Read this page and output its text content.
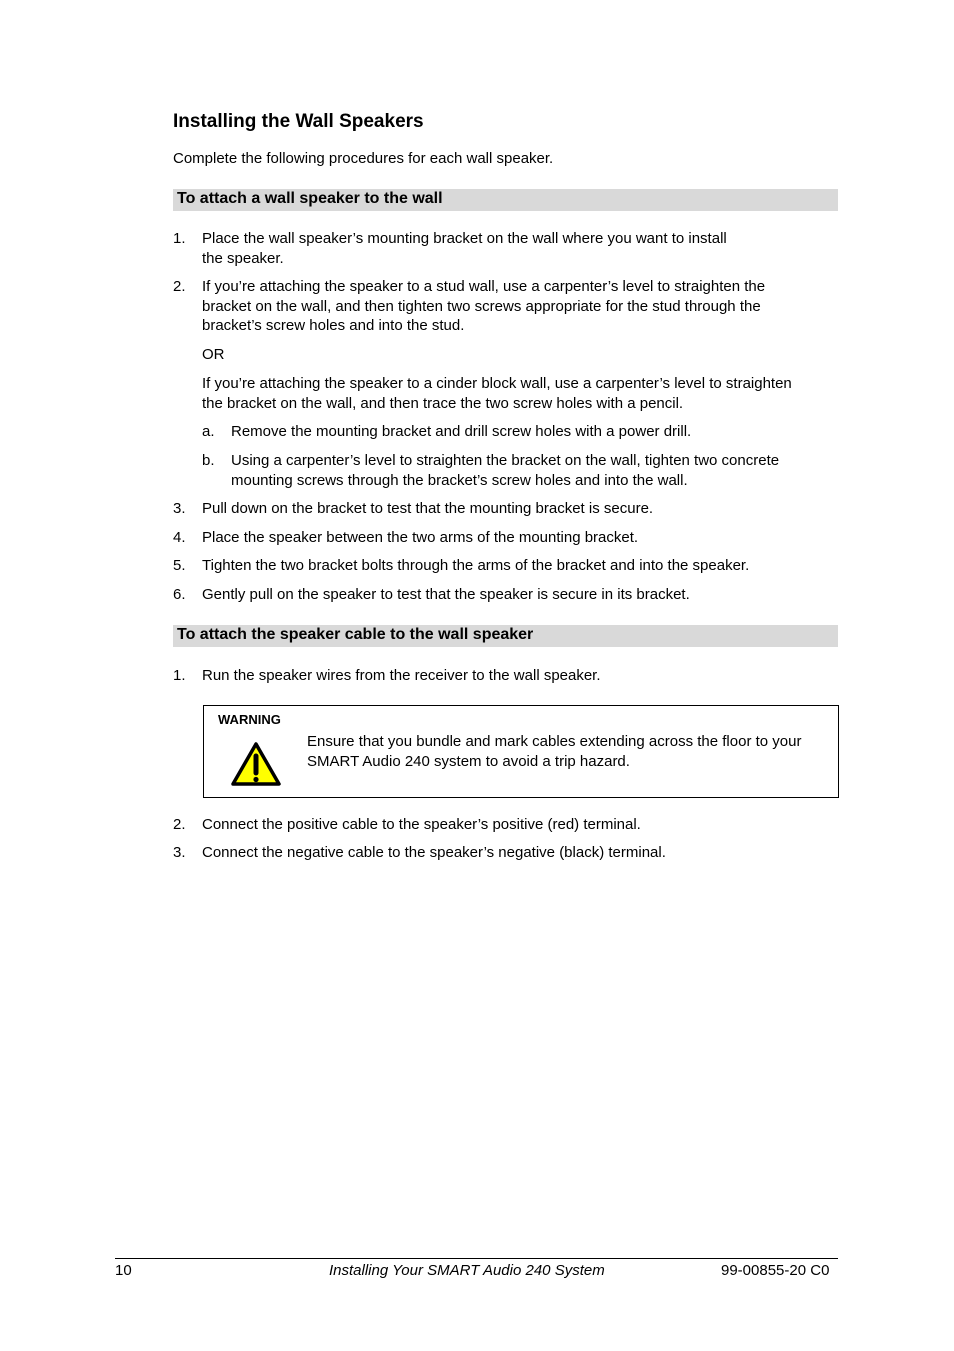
Installing the Wall Speakers
Complete the following procedures for each wall speaker.
To attach a wall speaker to the wall
1. Place the wall speaker’s mounting bracket on the wall where you want to install
the speaker.
2. If you’re attaching the speaker to a stud wall, use a carpenter’s level to straighten the
bracket on the wall, and then tighten two screws appropriate for the stud through the
bracket’s screw holes and into the stud.
OR
If you’re attaching the speaker to a cinder block wall, use a carpenter’s level to straighten
the bracket on the wall, and then trace the two screw holes with a pencil.
a. Remove the mounting bracket and drill screw holes with a power drill.
b. Using a carpenter’s level to straighten the bracket on the wall, tighten two concrete
mounting screws through the bracket’s screw holes and into the wall.
3. Pull down on the bracket to test that the mounting bracket is secure.
4. Place the speaker between the two arms of the mounting bracket.
5. Tighten the two bracket bolts through the arms of the bracket and into the speaker.
6. Gently pull on the speaker to test that the speaker is secure in its bracket.
To attach the speaker cable to the wall speaker
1. Run the speaker wires from the receiver to the wall speaker.
WARNING
Ensure that you bundle and mark cables extending across the floor to your
SMART Audio 240 system to avoid a trip hazard.
2. Connect the positive cable to the speaker’s positive (red) terminal.
3. Connect the negative cable to the speaker’s negative (black) terminal.
10	Installing Your SMART Audio 240 System	99-00855-20 C0
